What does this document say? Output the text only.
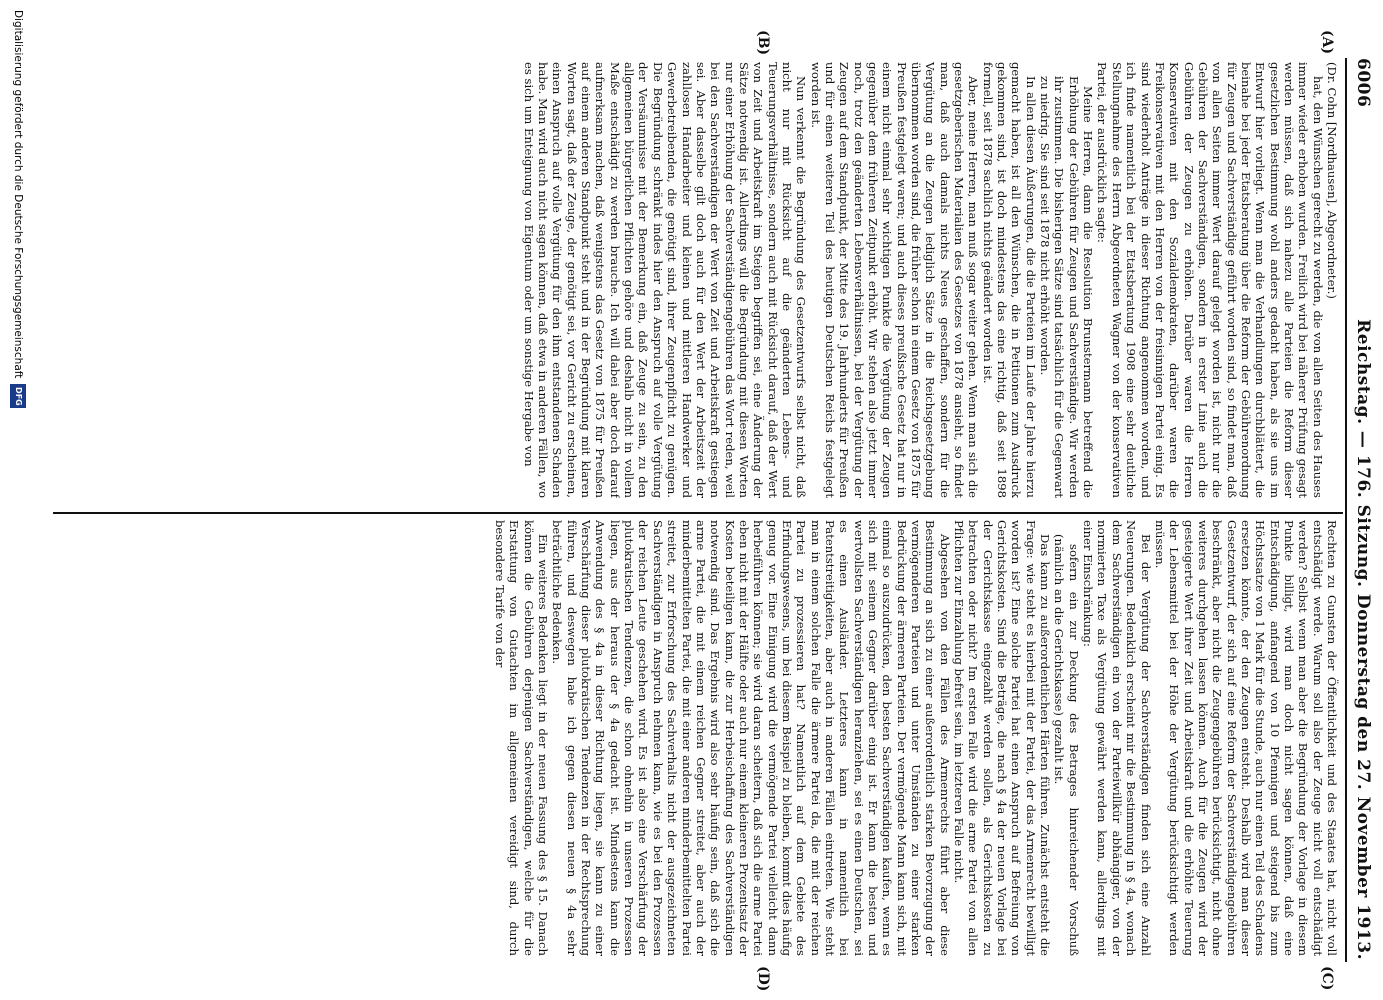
6006
Reichstag. — 176. Sitzung. Donnerstag den 27. November 1913.
(A)
(B)
(C)
(D)

(Dr. Cohn [Nordhausen], Abgeordneter.)

hat, den Wünschen gerecht zu werden, die von allen Seiten des Hauses immer wieder erhoben wurden. Freilich wird bei näherer Prüfung gesagt werden müssen, daß sich nahezu alle Parteien die Reform dieser gesetzlichen Bestimmung wohl anders gedacht haben, als sie uns im Entwurf hier vorliegt. Wenn man die Verhandlungen durchblättert, die beinahe bei jeder Etatsberatung über die Reform der Gebührenordnung für Zeugen und Sachverständige geführt worden sind, so findet man, daß von allen Seiten immer Wert darauf gelegt worden ist, nicht nur die Gebühren der Sachverständigen, sondern in erster Linie auch die Gebühren der Zeugen zu erhöhen. Darüber waren die Herren Konservativen mit den Sozialdemokraten, darüber waren die Freikonservativen mit den Herren von der freisinnigen Partei einig. Es sind wiederholt Anträge in dieser Richtung angenommen worden, und ich finde namentlich bei der Etatsberatung 1908 eine sehr deutliche Stellungnahme des Herrn Abgeordneten Wagner von der konservativen Partei, der ausdrücklich sagte:

Meine Herren, dann die Resolution Brunstermann betreffend die Erhöhung der Gebühren für Zeugen und Sachverständige. Wir werden ihr zustimmen. Die bisherigen Sätze sind tatsächlich für die Gegenwart zu niedrig. Sie sind seit 1878 nicht erhöht worden.

In allen diesen Äußerungen, die die Parteien im Laufe der Jahre hierzu gemacht haben, ist all den Wünschen, die in Petitionen zum Ausdruck gekommen sind, ist doch mindestens das eine richtig, daß seit 1898 formell, seit 1878 sachlich nichts geändert worden ist.

Aber, meine Herren, man muß sogar weiter gehen. Wenn man sich die gesetzgeberischen Materialien des Gesetzes von 1878 ansieht, so findet man, daß auch damals nichts Neues geschaffen, sondern für die Vergütung an die Zeugen lediglich Sätze in die Reichsgesetzgebung übernommen worden sind, die früher schon in einem Gesetz von 1875 für Preußen festgelegt waren; und auch dieses preußische Gesetz hat nur in einem nicht einmal sehr wichtigen Punkte die Vergütung der Zeugen gegenüber dem früheren Zeitpunkt erhöht. Wir stehen also jetzt immer noch, trotz den geänderten Lebensverhältnissen, bei der Vergütung der Zeugen auf dem Standpunkt, der Mitte des 19. Jahrhunderts für Preußen und für einen weiteren Teil des heutigen Deutschen Reichs festgelegt worden ist.

Nun verkennt die Begründung des Gesetzentwurfs selbst nicht, daß nicht nur mit Rücksicht auf die geänderten Lebens- und Teuerungsverhältnisse, sondern auch mit Rücksicht darauf, daß der Wert von Zeit und Arbeitskraft im Steigen begriffen sei, eine Änderung der Sätze notwendig ist. Allerdings will die Begründung mit diesen Worten nur einer Erhöhung der Sachverständigengebühren das Wort reden, weil bei den Sachverständigen der Wert von Zeit und Arbeitskraft gestiegen sei. Aber dasselbe gilt doch auch für den Wert der Arbeitszeit der zahllosen Handarbeiter und kleinen und mittleren Handwerker und Gewerbetreibenden, die genötigt sind, ihrer Zeugenpflicht zu genügen. Die Begründung schränkt indes hier den Anspruch auf volle Vergütung der Versäumnisse mit der Bemerkung ein, daß Zeuge zu sein, zu den allgemeinen bürgerlichen Pflichten gehöre und deshalb nicht in vollem Maße entschädigt zu werden brauche. Ich will dabei aber doch darauf aufmerksam machen, daß wenigstens das Gesetz von 1875 für Preußen auf einem anderen Standpunkt steht und in der Begründung mit klaren Worten sagt, daß der Zeuge, der genötigt sei, vor Gericht zu erscheinen, einen Anspruch auf volle Vergütung für den ihm entstandenen Schaden habe. Man wird auch nicht sagen können, daß etwa in anderen Fällen, wo es sich um Enteignung von Eigentum oder um sonstige Hergabe von

Rechten zu Gunsten der Öffentlichkeit und des Staates hat, nicht voll entschädigt werde. Warum soll also der Zeuge nicht voll entschädigt werden? Selbst wenn man aber die Begründung der Vorlage in diesem Punkte billigt, wird man doch nicht sagen können, daß eine Entschädigung, anfangend von 10 Pfennigen und steigend bis zum Höchstsatze von 1 Mark für die Stunde, auch nur einen Teil des Schadens ersetzen könnte, der den Zeugen entsteht. Deshalb wird man dieser Gesetzentwurf, der sich auf eine Reform der Sachverständigengebühren beschränkt, aber nicht die Zeugengebühren berücksichtigt, nicht ohne weiteres durchgehen lassen können. Auch für die Zeugen wird der gesteigerte Wert ihrer Zeit und Arbeitskraft und die erhöhte Teuerung der Lebensmittel bei der Höhe der Vergütung berücksichtigt werden müssen.

Bei der Vergütung der Sachverständigen finden sich eine Anzahl Neuerungen. Bedenklich erscheint mir die Bestimmung in § 4a, wonach dem Sachverständigen ein von der Parteiwillkür abhängiger, von der normierten Taxe als Vergütung gewährt werden kann, allerdings mit einer Einschränkung:

sofern ein zur Deckung des Betrages hinreichender Vorschuß (nämlich an die Gerichtskasse) gezahlt ist.

Das kann zu außerordentlichen Härten führen. Zunächst entsteht die Frage: wie steht es hierbei mit der Partei, der das Armenrecht bewilligt worden ist? Eine solche Partei hat einen Anspruch auf Befreiung von Gerichtskosten. Sind die Beträge, die nach § 4a der neuen Vorlage bei der Gerichtskasse eingezahlt werden sollen, als Gerichtskosten zu betrachten oder nicht? Im ersten Falle wird die arme Partei von allen Pflichten zur Einzahlung befreit sein, im letzteren Falle nicht.

Abgesehen von den Fällen des Armenrechts führt aber diese Bestimmung an sich zu einer außerordentlich starken Bevorzugung der vermögenderen Parteien und unter Umständen zu einer starken Bedrückung der ärmeren Parteien. Der vermögende Mann kann sich, mit einmal so auszudrücken, den besten Sachverständigen kaufen, wenn es sich mit seinem Gegner darüber einig ist. Er kann die besten und wertvollsten Sachverständigen heranziehen, sei es einen Deutschen, sei es einen Ausländer. Letzteres kann in namentlich bei Patentstreitigkeiten, aber auch in anderen Fällen eintreten. Wie steht man in einem solchen Falle die ärmere Partei da, die mit der reichen Partei zu prozessieren hat? Namentlich auf dem Gebiete des Erfindungswesens, um bei diesem Beispiel zu bleiben, kommt dies häufig genug vor. Eine Einigung wird die vermögende Partei vielleicht dann herbeiführen können; sie wird daran scheitern, daß sich die arme Partei eben nicht mit der Hälfte oder auch nur einem kleineren Prozentsatz der Kosten beteiligen kann, die zur Herbeischaffung des Sachverständigen notwendig sind. Das Ergebnis wird also sehr häufig sein, daß sich die arme Partei, die mit einem reichen Gegner streitet, aber auch der minderbemittelten Partei, die mit einer anderen minderbemittelten Partei streitet, zur Erforschung des Sachverhalts nicht der ausgezeichneten Sachverständigen in Anspruch nehmen kann, wie es bei den Prozessen der reichen Leute geschehen wird. Es ist also eine Verschärfung der plutokratischen Tendenzen, die schon ohnehin in unseren Prozessen liegen, aus der heraus der § 4a gedacht ist. Mindestens kann die Anwendung des § 4a in dieser Richtung liegen, sie kann zu einer Verschärfung dieser plutokratischen Tendenzen in der Rechtsprechung führen, und deswegen habe ich gegen diesen neuen § 4a sehr beträchtliche Bedenken.

Ein weiteres Bedenken liegt in der neuen Fassung des § 15. Danach können die Gebühren derjenigen Sachverständigen, welche für die Erstattung von Gutachten im allgemeinen vereidigt sind, durch besondere Tarife von der

Digitalisierung gefördert durch die Deutsche Forschungsgemeinschaft
DFG
